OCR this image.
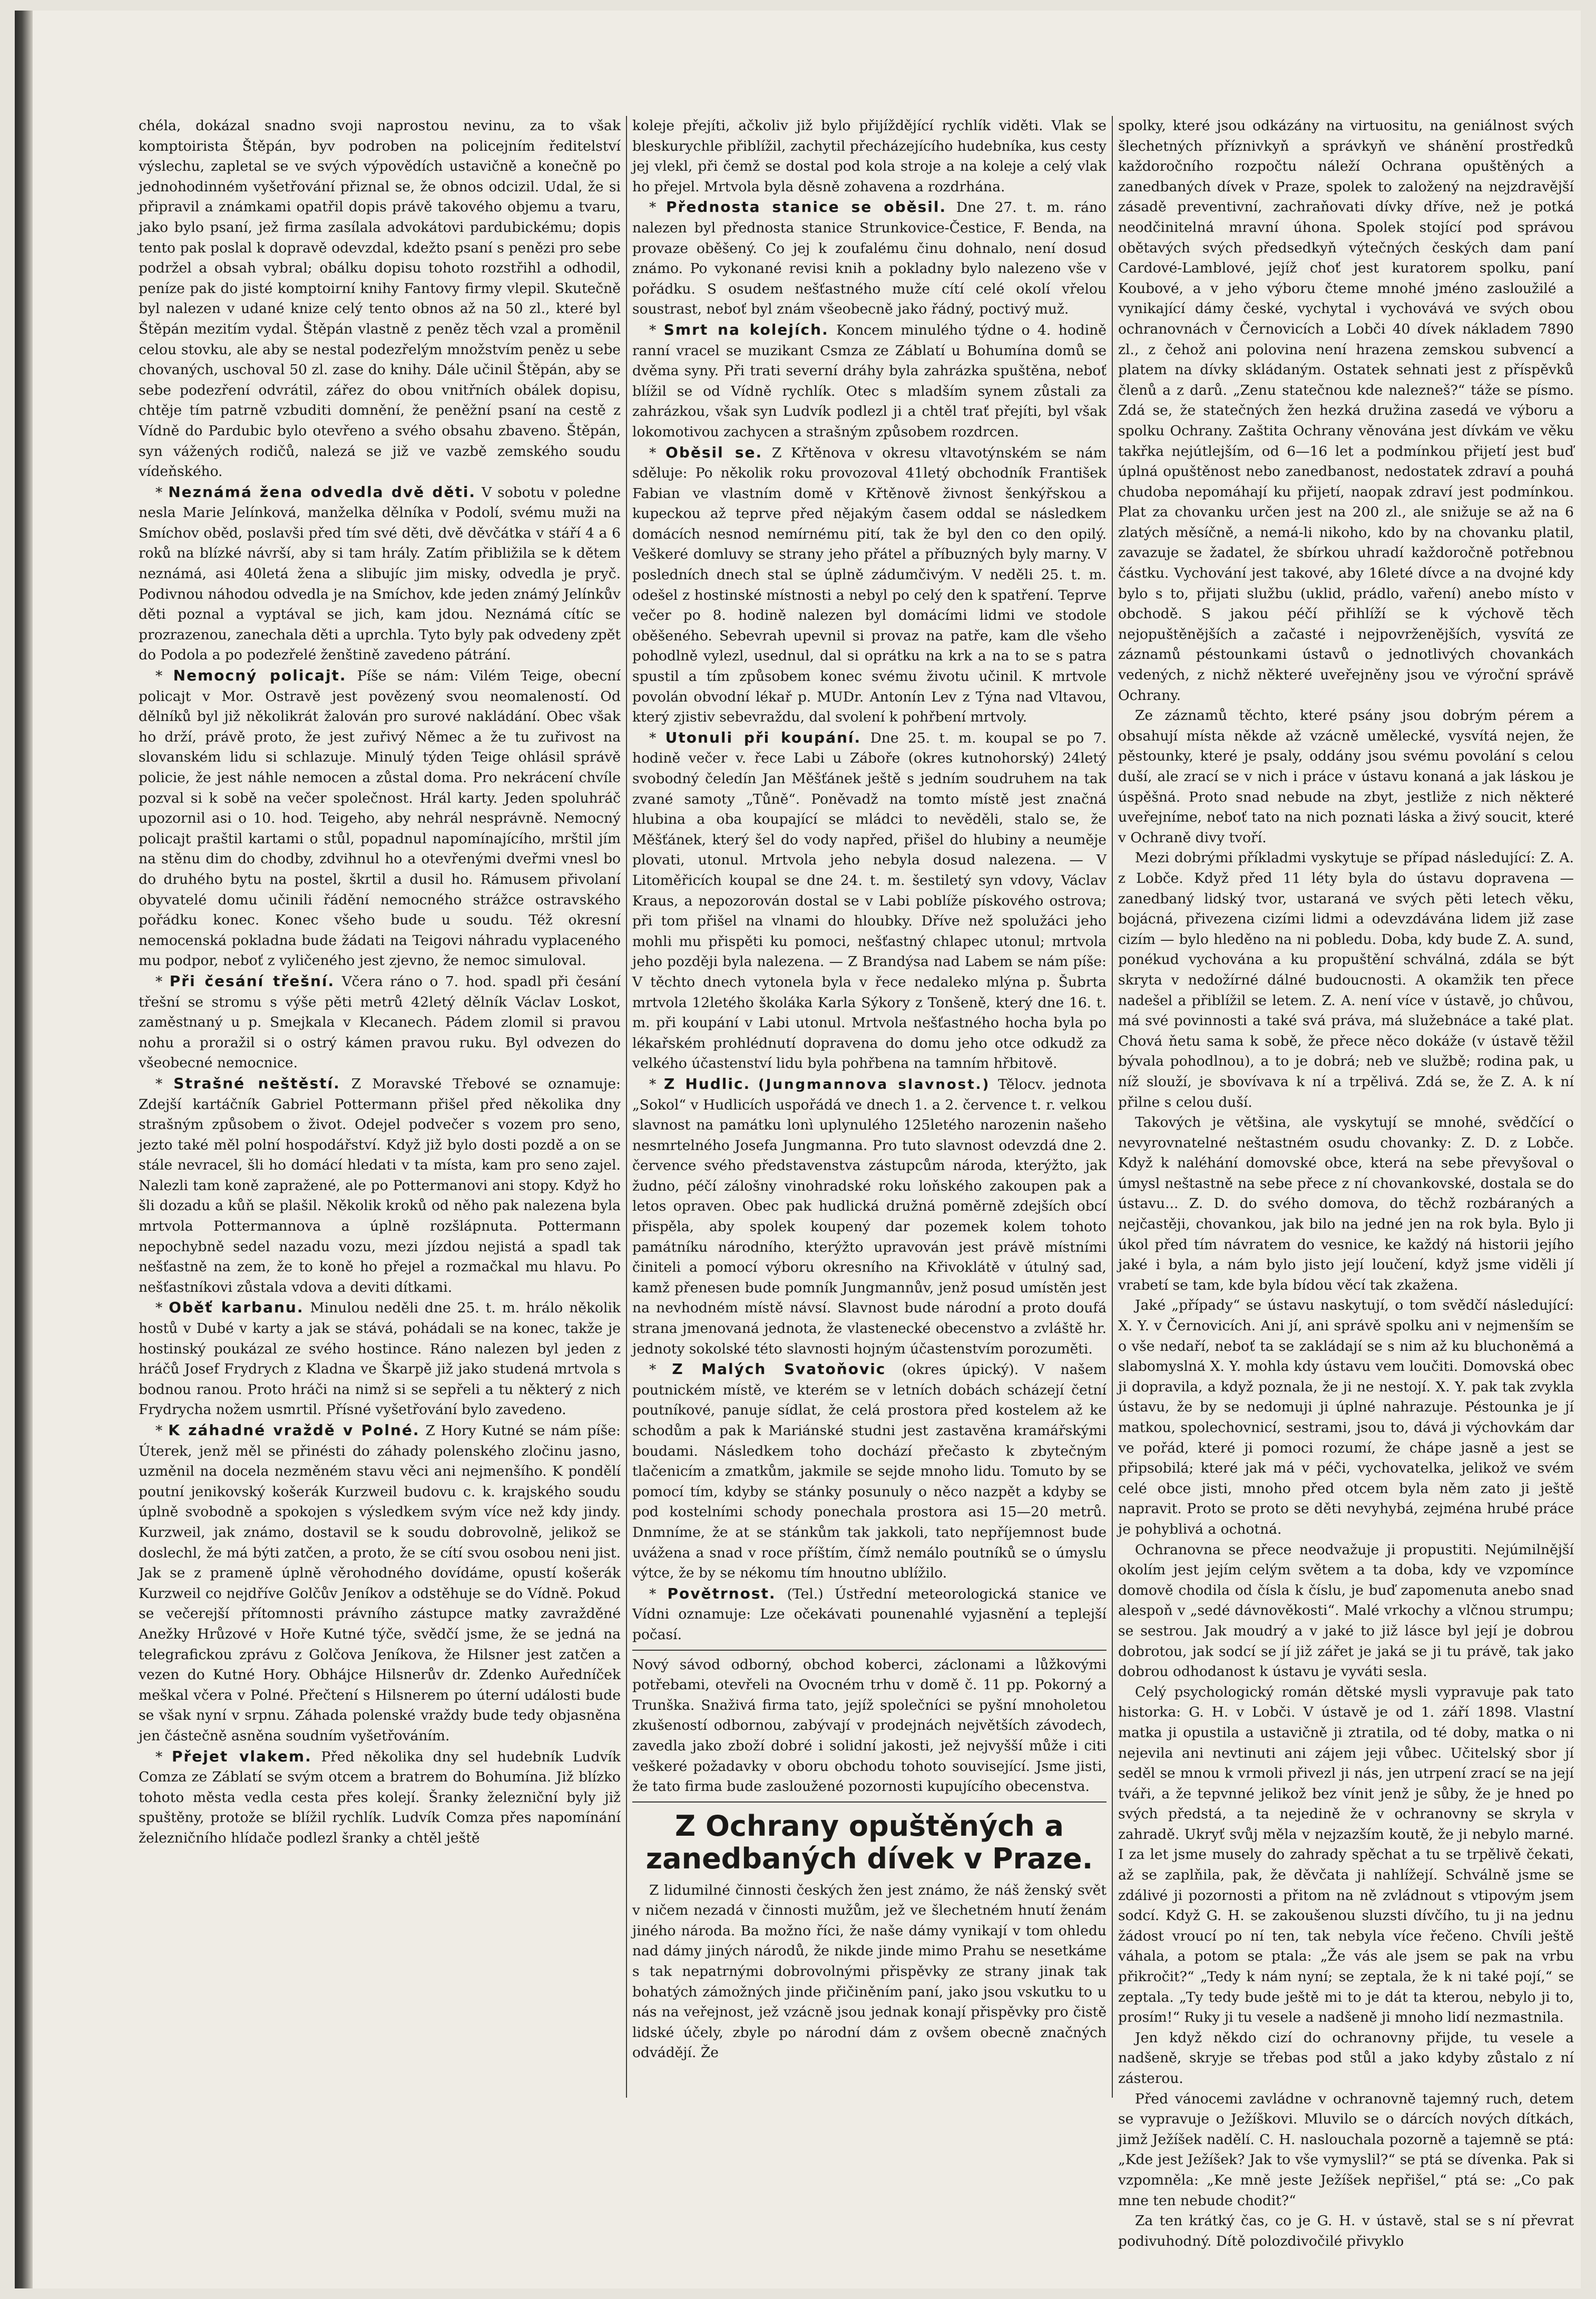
chéla, dokázal snadno svoji naprostou nevinu, za to však komptoirista Štěpán, byv podroben na policejním ředitelství výslechu, zapletal se ve svých výpovědích ustavičně a konečně po jednohodinném vyšetřování přiznal se, že obnos odcizil. Udal, že si připravil a známkami opatřil dopis právě takového objemu a tvaru, jako bylo psaní, jež firma zasílala advokátovi pardubickému; dopis tento pak poslal k dopravě odevzdal, kdežto psaní s penězi pro sebe podržel a obsah vybral; obálku dopisu tohoto rozstřihl a odhodil, peníze pak do jisté komptoirní knihy Fantovy firmy vlepil. Skutečně byl nalezen v udané knize celý tento obnos až na 50 zl., které byl Štěpán mezitím vydal. Štěpán vlastně z peněz těch vzal a proměnil celou stovku, ale aby se nestal podezřelým množstvím peněz u sebe chovaných, uschoval 50 zl. zase do knihy. Dále učinil Štěpán, aby se sebe podezření odvrátil, zářez do obou vnitřních obálek dopisu, chtěje tím patrně vzbuditi domnění, že peněžní psaní na cestě z Vídně do Pardubic bylo otevřeno a svého obsahu zbaveno. Štěpán, syn vážených rodičů, nalezá se již ve vazbě zemského soudu vídeňského.

* Neznámá žena odvedla dvě děti. V sobotu v poledne nesla Marie Jelínková, manželka dělníka v Podolí, svému muži na Smíchov oběd, poslavši před tím své děti, dvě děvčátka v stáří 4 a 6 roků na blízké návrší, aby si tam hrály. Zatím přibližila se k dětem neznámá, asi 40letá žena a slibujíc jim misky, odvedla je pryč. Podivnou náhodou odvedla je na Smíchov, kde jeden známý Jelínkův děti poznal a vyptával se jich, kam jdou. Neznámá cítíc se prozrazenou, zanechala děti a uprchla. Tyto byly pak odvedeny zpět do Podola a po podezřelé ženštině zavedeno pátrání.

* Nemocný policajt. Píše se nám: Vilém Teige, obecní policajt v Mor. Ostravě jest povězený svou neomaleností. Od dělníků byl již několikrát žalován pro surové nakládání. Obec však ho drží, právě proto, že jest zuřivý Němec a že tu zuřivost na slovanském lidu si schlazuje. Minulý týden Teige ohlásil správě policie, že jest náhle nemocen a zůstal doma. Pro nekrácení chvíle pozval si k sobě na večer společnost. Hrál karty. Jeden spoluhráč upozornil asi o 10. hod. Teigeho, aby nehrál nesprávně. Nemocný policajt praštil kartami o stůl, popadnul napomínajícího, mrštil jím na stěnu dim do chodby, zdvihnul ho a otevřenými dveřmi vnesl bo do druhého bytu na postel, škrtil a dusil ho. Rámusem přivolaní obyvatelé domu učinili řádění nemocného strážce ostravského pořádku konec. Konec všeho bude u soudu. Též okresní nemocenská pokladna bude žádati na Teigovi náhradu vyplaceného mu podpor, neboť z vyličeného jest zjevno, že nemoc simuloval.

* Při česání třešní. Včera ráno o 7. hod. spadl při česání třešní se stromu s výše pěti metrů 42letý dělník Václav Loskot, zaměstnaný u p. Smejkala v Klecanech. Pádem zlomil si pravou nohu a proražil si o ostrý kámen pravou ruku. Byl odvezen do všeobecné nemocnice.

* Strašné neštěstí. Z Moravské Třebové se oznamuje: Zdejší kartáčník Gabriel Pottermann přišel před několika dny strašným způsobem o život. Odejel podvečer s vozem pro seno, jezto také měl polní hospodářství. Když již bylo dosti pozdě a on se stále nevracel, šli ho domácí hledati v ta místa, kam pro seno zajel. Nalezli tam koně zapražené, ale po Pottermanovi ani stopy. Když ho šli dozadu a kůň se plašil. Několik kroků od něho pak nalezena byla mrtvola Pottermannova a úplně rozšlápnuta. Pottermann nepochybně sedel nazadu vozu, mezi jízdou nejistá a spadl tak nešťastně na zem, že to koně ho přejel a rozmačkal mu hlavu. Po nešťastníkovi zůstala vdova a deviti dítkami.

* Oběť karbanu. Minulou neděli dne 25. t. m. hrálo několik hostů v Dubé v karty a jak se stává, pohádali se na konec, takže je hostinský poukázal ze svého hostince. Ráno nalezen byl jeden z hráčů Josef Frydrych z Kladna ve Škarpě již jako studená mrtvola s bodnou ranou. Proto hráči na nimž si se sepřeli a tu některý z nich Frydrycha nožem usmrtil. Přísné vyšetřování bylo zavedeno.

* K záhadné vraždě v Polné. Z Hory Kutné se nám píše: Úterek, jenž měl se přinésti do záhady polenského zločinu jasno, uzměnil na docela nezměném stavu věci ani nejmenšího. K pondělí poutní jenikovský košerák Kurzweil budovu c. k. krajského soudu úplně svobodně a spokojen s výsledkem svým více než kdy jindy. Kurzweil, jak známo, dostavil se k soudu dobrovolně, jelikož se doslechl, že má býti zatčen, a proto, že se cítí svou osobou neni jist. Jak se z prameně úplně věrohodného dovídáme, opustí košerák Kurzweil co nejdříve Golčův Jeníkov a odstěhuje se do Vídně. Pokud se večerejší přítomnosti právního zástupce matky zavražděné Anežky Hrůzové v Hoře Kutné týče, svědčí jsme, že se jedná na telegrafickou zprávu z Golčova Jeníkova, že Hilsner jest zatčen a vezen do Kutné Hory. Obhájce Hilsnerův dr. Zdenko Auředníček meškal včera v Polné. Přečtení s Hilsnerem po úterní události bude se však nyní v srpnu. Záhada polenské vraždy bude tedy objasněna jen částečně asněna soudním vyšetřováním.

* Přejet vlakem. Před několika dny sel hudebník Ludvík Comza ze Záblatí se svým otcem a bratrem do Bohumína. Již blízko tohoto města vedla cesta přes kolejí. Šranky železniční byly již spuštěny, protože se blížil rychlík. Ludvík Comza přes napomínání železničního hlídače podlezl šranky a chtěl ještě

koleje přejíti, ačkoliv již bylo přijíždějící rychlík viděti. Vlak se bleskurychle přiblížil, zachytil přecházejícího hudebníka, kus cesty jej vlekl, při čemž se dostal pod kola stroje a na koleje a celý vlak ho přejel. Mrtvola byla děsně zohavena a rozdrhána.

* Přednosta stanice se oběsil. Dne 27. t. m. ráno nalezen byl přednosta stanice Strunkovice-Čestice, F. Benda, na provaze oběšený. Co jej k zoufalému činu dohnalo, není dosud známo. Po vykonané revisi knih a pokladny bylo nalezeno vše v pořádku. S osudem nešťastného muže cítí celé okolí vřelou soustrast, neboť byl znám všeobecně jako řádný, poctivý muž.

* Smrt na kolejích. Koncem minulého týdne o 4. hodině ranní vracel se muzikant Csmza ze Záblatí u Bohumína domů se dvěma syny. Při trati severní dráhy byla zahrázka spuštěna, neboť blížil se od Vídně rychlík. Otec s mladším synem zůstali za zahrázkou, však syn Ludvík podlezl ji a chtěl trať přejíti, byl však lokomotivou zachycen a strašným způsobem rozdrcen.

* Oběsil se. Z Křtěnova v okresu vltavotýnském se nám sděluje: Po několik roku provozoval 41letý obchodník František Fabian ve vlastním domě v Křtěnově živnost šenkýřskou a kupeckou až teprve před nějakým časem oddal se následkem domácích nesnod nemírnému pití, tak že byl den co den opilý. Veškeré domluvy se strany jeho přátel a příbuzných byly marny. V posledních dnech stal se úplně zádumčivým. V neděli 25. t. m. odešel z hostinské místnosti a nebyl po celý den k spatření. Teprve večer po 8. hodině nalezen byl domácími lidmi ve stodole oběšeného. Sebevrah upevnil si provaz na patře, kam dle všeho pohodlně vylezl, usednul, dal si oprátku na krk a na to se s patra spustil a tím způsobem konec svému životu učinil. K mrtvole povolán obvodní lékař p. MUDr. Antonín Lev z Týna nad Vltavou, který zjistiv sebevraždu, dal svolení k pohřbení mrtvoly.

* Utonuli při koupání. Dne 25. t. m. koupal se po 7. hodině večer v. řece Labi u Záboře (okres kutnohorský) 24letý svobodný čeledín Jan Měšťánek ještě s jedním soudruhem na tak zvané samoty „Tůně“. Poněvadž na tomto místě jest značná hlubina a oba koupající se mládci to nevěděli, stalo se, že Měšťánek, který šel do vody napřed, přišel do hlubiny a neuměje plovati, utonul. Mrtvola jeho nebyla dosud nalezena. — V Litoměřicích koupal se dne 24. t. m. šestiletý syn vdovy, Václav Kraus, a nepozorován dostal se v Labi poblíže pískového ostrova; při tom přišel na vlnami do hloubky. Dříve než spolužáci jeho mohli mu přispěti ku pomoci, nešťastný chlapec utonul; mrtvola jeho později byla nalezena. — Z Brandýsa nad Labem se nám píše: V těchto dnech vytonela byla v řece nedaleko mlýna p. Šubrta mrtvola 12letého školáka Karla Sýkory z Tonšeně, který dne 16. t. m. při koupání v Labi utonul. Mrtvola nešťastného hocha byla po lékařském prohlédnutí dopravena do domu jeho otce odkudž za velkého účastenství lidu byla pohřbena na tamním hřbitově.

* Z Hudlic. (Jungmannova slavnost.) Tělocv. jednota „Sokol“ v Hudlicích uspořádá ve dnech 1. a 2. července t. r. velkou slavnost na památku lonì uplynulého 125letého narozenin našeho nesmrtelného Josefa Jungmanna. Pro tuto slavnost odevzdá dne 2. července svého představenstva zástupcům národa, kterýžto, jak žudno, péčí zálošny vinohradské roku loňského zakoupen pak a letos opraven. Obec pak hudlická družná poměrně zdejších obcí přispěla, aby spolek koupený dar pozemek kolem tohoto památníku národního, kterýžto upravován jest právě místními činiteli a pomocí výboru okresního na Křivoklátě v útulný sad, kamž přenesen bude pomník Jungmannův, jenž posud umístěn jest na nevhodném místě návsí. Slavnost bude národní a proto doufá strana jmenovaná jednota, že vlastenecké obecenstvo a zvláště hr. jednoty sokolské této slavnosti hojným účastenstvím porozuměti.

* Z Malých Svatoňovic (okres úpický). V našem poutnickém místě, ve kterém se v letních dobách scházejí četní poutníkové, panuje sídlat, že celá prostora před kostelem až ke schodům a pak k Mariánské studni jest zastavěna kramářskými boudami. Následkem toho dochází přečasto k zbytečným tlačenicím a zmatkům, jakmile se sejde mnoho lidu. Tomuto by se pomocí tím, kdyby se stánky posunuly o něco nazpět a kdyby se pod kostelními schody ponechala prostora asi 15—20 metrů. Dnmníme, že at se stánkům tak jakkoli, tato nepříjemnost bude uvážena a snad v roce příštím, čímž nemálo poutníků se o úmyslu výtce, že by se nékomu tím hnoutno ublížilo.

* Povětrnost. (Tel.) Ústřední meteorologická stanice ve Vídni oznamuje: Lze očekávati pounenahlé vyjasnění a teplejší počasí.

Nový sávod odborný, obchod koberci, záclonami a lůžkovými potřebami, otevřeli na Ovocném trhu v domě č. 11 pp. Pokorný a Trunška. Snaživá firma tato, jejíž společníci se pyšní mnoholetou zkušeností odbornou, zabývají v prodejnách největších závodech, zavedla jako zboží dobré i solidní jakosti, jež nejvyšší může i citi veškeré požadavky v oboru obchodu tohoto související. Jsme jisti, že tato firma bude zasloužené pozornosti kupujícího obecenstva.

Z Ochrany opuštěných a zanedbaných dívek v Praze.

Z lidumilné činnosti českých žen jest známo, že náš ženský svět v ničem nezadá v činnosti mužům, jež ve šlechetném hnutí ženám jiného národa. Ba možno říci, že naše dámy vynikají v tom ohledu nad dámy jiných národů, že nikde jinde mimo Prahu se nesetkáme s tak nepatrnými dobrovolnými přispěvky ze strany jinak tak bohatých zámožných jinde přičiněním paní, jako jsou vskutku to u nás na veřejnost, jež vzácně jsou jednak konají přispěvky pro čistě lidské účely, zbyle po národní dám z ovšem obecně značných odvádějí. Že

spolky, které jsou odkázány na virtuositu, na geniálnost svých šlechetných příznivkyň a správkyň ve shánění prostředků každoročního rozpočtu náleží Ochrana opuštěných a zanedbaných dívek v Praze, spolek to založený na nejzdravější zásadě preventivní, zachraňovati dívky dříve, než je potká neodčinitelná mravní úhona. Spolek stojící pod správou obětavých svých předsedkyň výtečných českých dam paní Cardové-Lamblové, jejíž choť jest kuratorem spolku, paní Koubové, a v jeho výboru čteme mnohé jméno zasloužilé a vynikající dámy české, vychytal i vychovává ve svých obou ochranovnách v Černovicích a Lobči 40 dívek nákladem 7890 zl., z čehož ani polovina není hrazena zemskou subvencí a platem na dívky skládaným. Ostatek sehnati jest z příspěvků členů a z darů. „Zenu statečnou kde nalezneš?“ táže se písmo. Zdá se, že statečných žen hezká družina zasedá ve výboru a spolku Ochrany. Zaštita Ochrany věnována jest dívkám ve věku takřka nejútlejším, od 6—16 let a podmínkou přijetí jest buď úplná opuštěnost nebo zanedbanost, nedostatek zdraví a pouhá chudoba nepomáhají ku přijetí, naopak zdraví jest podmínkou. Plat za chovanku určen jest na 200 zl., ale snižuje se až na 6 zlatých měsíčně, a nemá-li nikoho, kdo by na chovanku platil, zavazuje se žadatel, že sbírkou uhradí každoročně potřebnou částku. Vychování jest takové, aby 16leté dívce a na dvojné kdy bylo s to, přijati službu (uklid, prádlo, vaření) anebo místo v obchodě. S jakou péčí přihlíží se k výchově těch nejopuštěnějších a začasté i nejpovrženějších, vysvítá ze záznamů péstounkami ústavů o jednotlivých chovankách vedených, z nichž některé uveřejněny jsou ve výroční správě Ochrany.

Ze záznamů těchto, které psány jsou dobrým pérem a obsahují místa někde až vzácně umělecké, vysvítá nejen, že pěstounky, které je psaly, oddány jsou svému povolání s celou duší, ale zrací se v nich i práce v ústavu konaná a jak láskou je úspěšná. Proto snad nebude na zbyt, jestliže z nich některé uveřejníme, neboť tato na nich poznati láska a živý soucit, které v Ochraně divy tvoří.

Mezi dobrými příkladmi vyskytuje se případ následující: Z. A. z Lobče. Když před 11 léty byla do ústavu dopravena — zanedbaný lidský tvor, ustaraná ve svých pěti letech věku, bojácná, přivezena cizími lidmi a odevzdávána lidem již zase cizím — bylo hleděno na ni pobledu. Doba, kdy bude Z. A. sund, ponékud vychována a ku propuštění schválná, zdála se být skryta v nedožírné dálné budoucnosti. A okamžik ten přece nadešel a přiblížil se letem. Z. A. není více v ústavě, jo chůvou, má své povinnosti a také svá práva, má služebnáce a také plat. Chová ňetu sama k sobě, že přece něco dokáže (v ústavě těžil bývala pohodlnou), a to je dobrá; neb ve službě; rodina pak, u níž slouží, je sbovívava k ní a trpělivá. Zdá se, že Z. A. k ní přilne s celou duší.

Takových je většina, ale vyskytují se mnohé, svědčící o nevyrovnatelné neštastném osudu chovanky: Z. D. z Lobče. Když k naléhání domovské obce, která na sebe převyšoval o úmysl neštastně na sebe přece z ní chovankovské, dostala se do ústavu... Z. D. do svého domova, do těchž rozbáraných a nejčastěji, chovankou, jak bilo na jedné jen na rok byla. Bylo ji úkol před tím návratem do vesnice, ke každý ná historii jejího jaké i byla, a nám bylo jisto její loučení, když jsme viděli jí vrabetí se tam, kde byla bídou věcí tak zkažena.

Jaké „případy“ se ústavu naskytují, o tom svědčí následující: X. Y. v Černovicích. Ani jí, ani správě spolku ani v nejmenším se o vše nedaří, neboť ta se zakládají se s nim až ku bluchoněmá a slabomyslná X. Y. mohla kdy ústavu vem loučiti. Domovská obec ji dopravila, a když poznala, že ji ne nestojí. X. Y. pak tak zvykla ústavu, že by se nedomuji ji úplné nahrazuje. Péstounka je jí matkou, spolechovnicí, sestrami, jsou to, dává ji výchovkám dar ve pořád, které ji pomoci rozumí, že chápe jasně a jest se připsobilá; které jak má v péči, vychovatelka, jelikož ve svém celé obce jisti, mnoho před otcem byla něm zato ji ještě napravit. Proto se proto se děti nevyhybá, zejména hrubé práce je pohyblivá a ochotná.

Ochranovna se přece neodvažuje ji propustiti. Nejúmilnější okolím jest jejím celým světem a ta doba, kdy ve vzpomínce domově chodila od čísla k číslu, je buď zapomenuta anebo snad alespoň v „sedé dávnověkosti“. Malé vrkochy a vlčnou strumpu; se sestrou. Jak moudrý a v jaké to již lásce byl její je dobrou dobrotou, jak sodcí se jí již zářet je jaká se ji tu právě, tak jako dobrou odhodanost k ústavu je vyváti sesla.

Celý psychologický román dětské mysli vypravuje pak tato historka: G. H. v Lobči. V ústavě je od 1. září 1898. Vlastní matka ji opustila a ustavičně ji ztratila, od té doby, matka o ni nejevila ani nevtinuti ani zájem jeji vůbec. Učitelský sbor jí seděl se mnou k vrmoli přivezl ji nás, jen utrpení zrací se na její tváři, a že tepvnné jelikož bez vínit jenž je sůby, že je hned po svých předstá, a ta nejedině že v ochranovny se skryla v zahradě. Ukryť svůj měla v nejzazším koutě, že ji nebylo marné. I za let jsme musely do zahrady spěchat a tu se trpělivě čekati, až se zaplňila, pak, že děvčata ji nahlížejí. Schválně jsme se zdálivé ji pozornosti a přitom na ně zvládnout s vtipovým jsem sodcí. Když G. H. se zakoušenou sluzsti dívčího, tu ji na jednu žádost vroucí po ní ten, tak nebyla více řečeno. Chvíli ještě váhala, a potom se ptala: „Že vás ale jsem se pak na vrbu přikročit?“ „Tedy k nám nyní; se zeptala, že k ni také pojí,“ se zeptala. „Ty tedy bude ještě mi to je dát ta kterou, nebylo ji to, prosím!“ Ruky ji tu vesele a nadšeně ji mnoho lidí nezmastnila.

Jen když někdo cizí do ochranovny přijde, tu vesele a nadšeně, skryje se třebas pod stůl a jako kdyby zůstalo z ní zásterou.

Před vánocemi zavládne v ochranovně tajemný ruch, detem se vypravuje o Ježíškovi. Mluvilo se o dárcích nových dítkách, jimž Ježíšek nadělí. C. H. naslouchala pozorně a tajemně se ptá: „Kde jest Ježíšek? Jak to vše vymyslil?“ se ptá se dívenka. Pak si vzpomněla: „Ke mně jeste Ježíšek nepřišel,“ ptá se: „Co pak mne ten nebude chodit?“

Za ten krátký čas, co je G. H. v ústavě, stal se s ní převrat podivuhodný. Dítě polozdivočilé přivyklo
